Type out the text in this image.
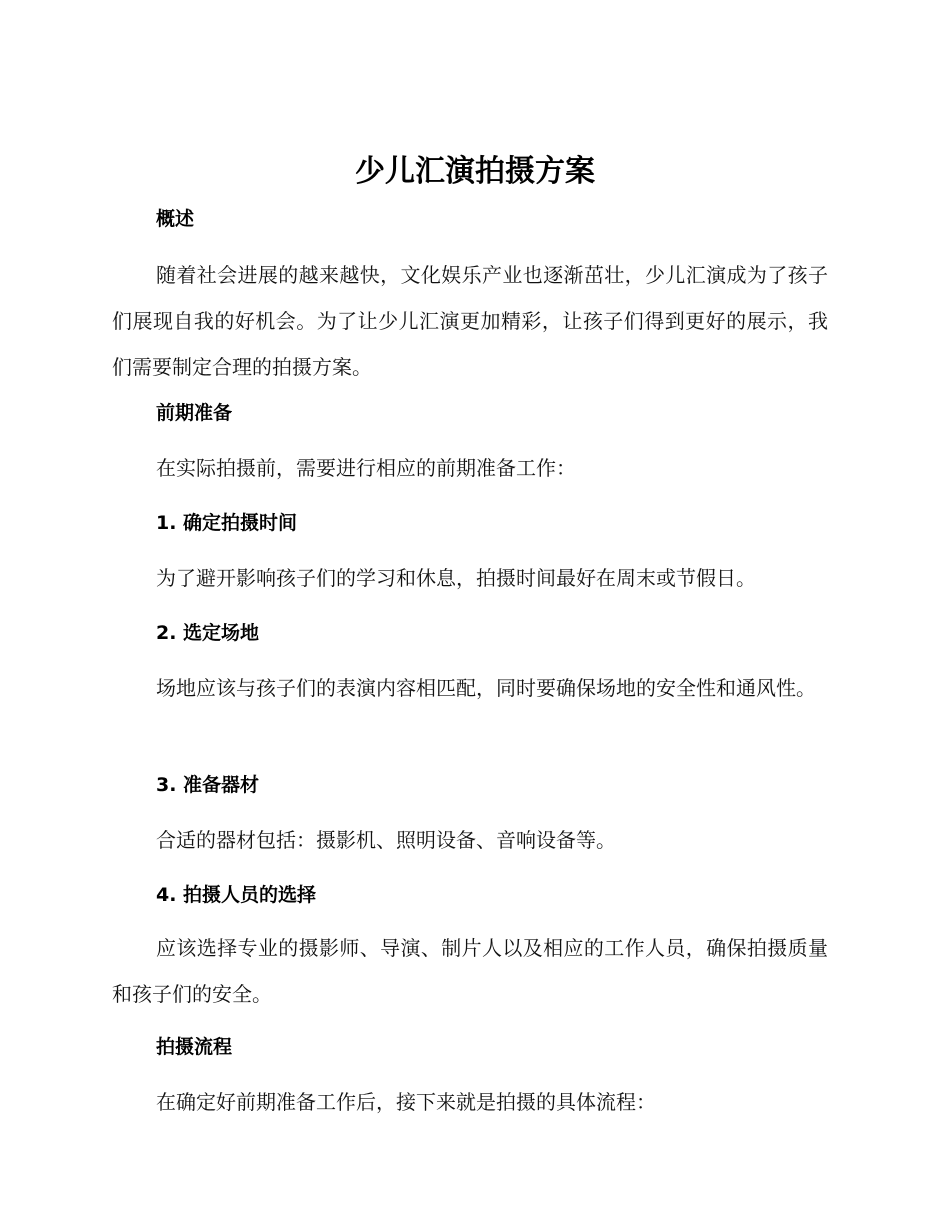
少儿汇演拍摄方案
概述

随着社会进展的越来越快，文化娱乐产业也逐渐茁壮，少儿汇演成为了孩子们展现自我的好机会。为了让少儿汇演更加精彩，让孩子们得到更好的展示，我们需要制定合理的拍摄方案。

前期准备

在实际拍摄前，需要进行相应的前期准备工作：

1. 确定拍摄时间

为了避开影响孩子们的学习和休息，拍摄时间最好在周末或节假日。

2. 选定场地

场地应该与孩子们的表演内容相匹配，同时要确保场地的安全性和通风性。

3. 准备器材

合适的器材包括：摄影机、照明设备、音响设备等。

4. 拍摄人员的选择

应该选择专业的摄影师、导演、制片人以及相应的工作人员，确保拍摄质量和孩子们的安全。

拍摄流程

在确定好前期准备工作后，接下来就是拍摄的具体流程：
